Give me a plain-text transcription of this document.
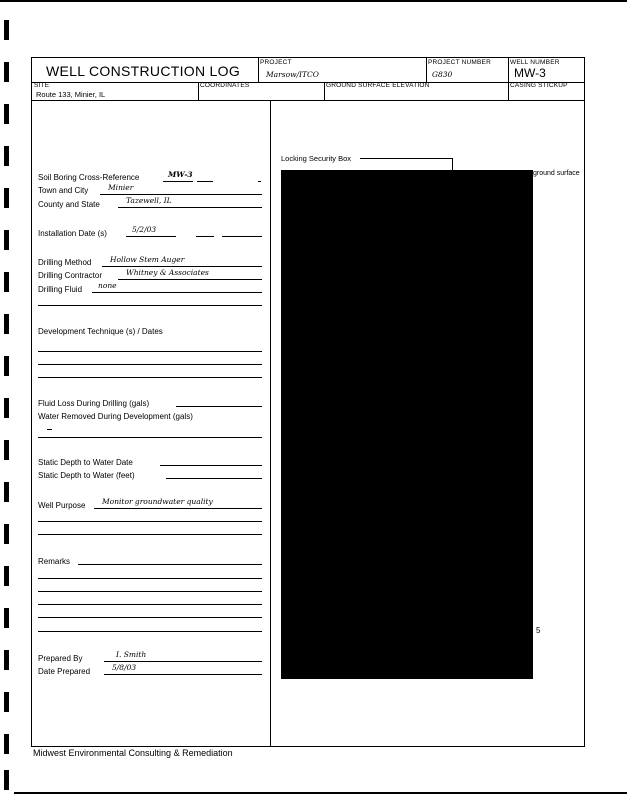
WELL CONSTRUCTION LOG
PROJECT
Marsow/ITCO
PROJECT NUMBER
G830
WELL NUMBER
MW-3
SITE
Route 133, Minier, IL
COORDINATES	GROUND SURFACE ELEVATION	CASING STICKUP
Soil Boring Cross-Reference	MW-3
Town and City	Minier
County and State	Tazewell, IL
Installation Date (s)	5/2/03
Drilling Method Hollow Stem Auger
Drilling Contractor	Whitney & Associates
Drilling Fluid none
Development Technique (s) / Dates
Fluid Loss During Drilling (gals)
Water Removed During Development (gals)
Static Depth to Water Date
Static Depth to Water (feet)
Well Purpose Monitor groundwater quality
Remarks
Prepared By	I. Smith
Date Prepared	5/8/03
Locking Security Box
ground surface
5
Midwest Environmental Consulting & Remediation
